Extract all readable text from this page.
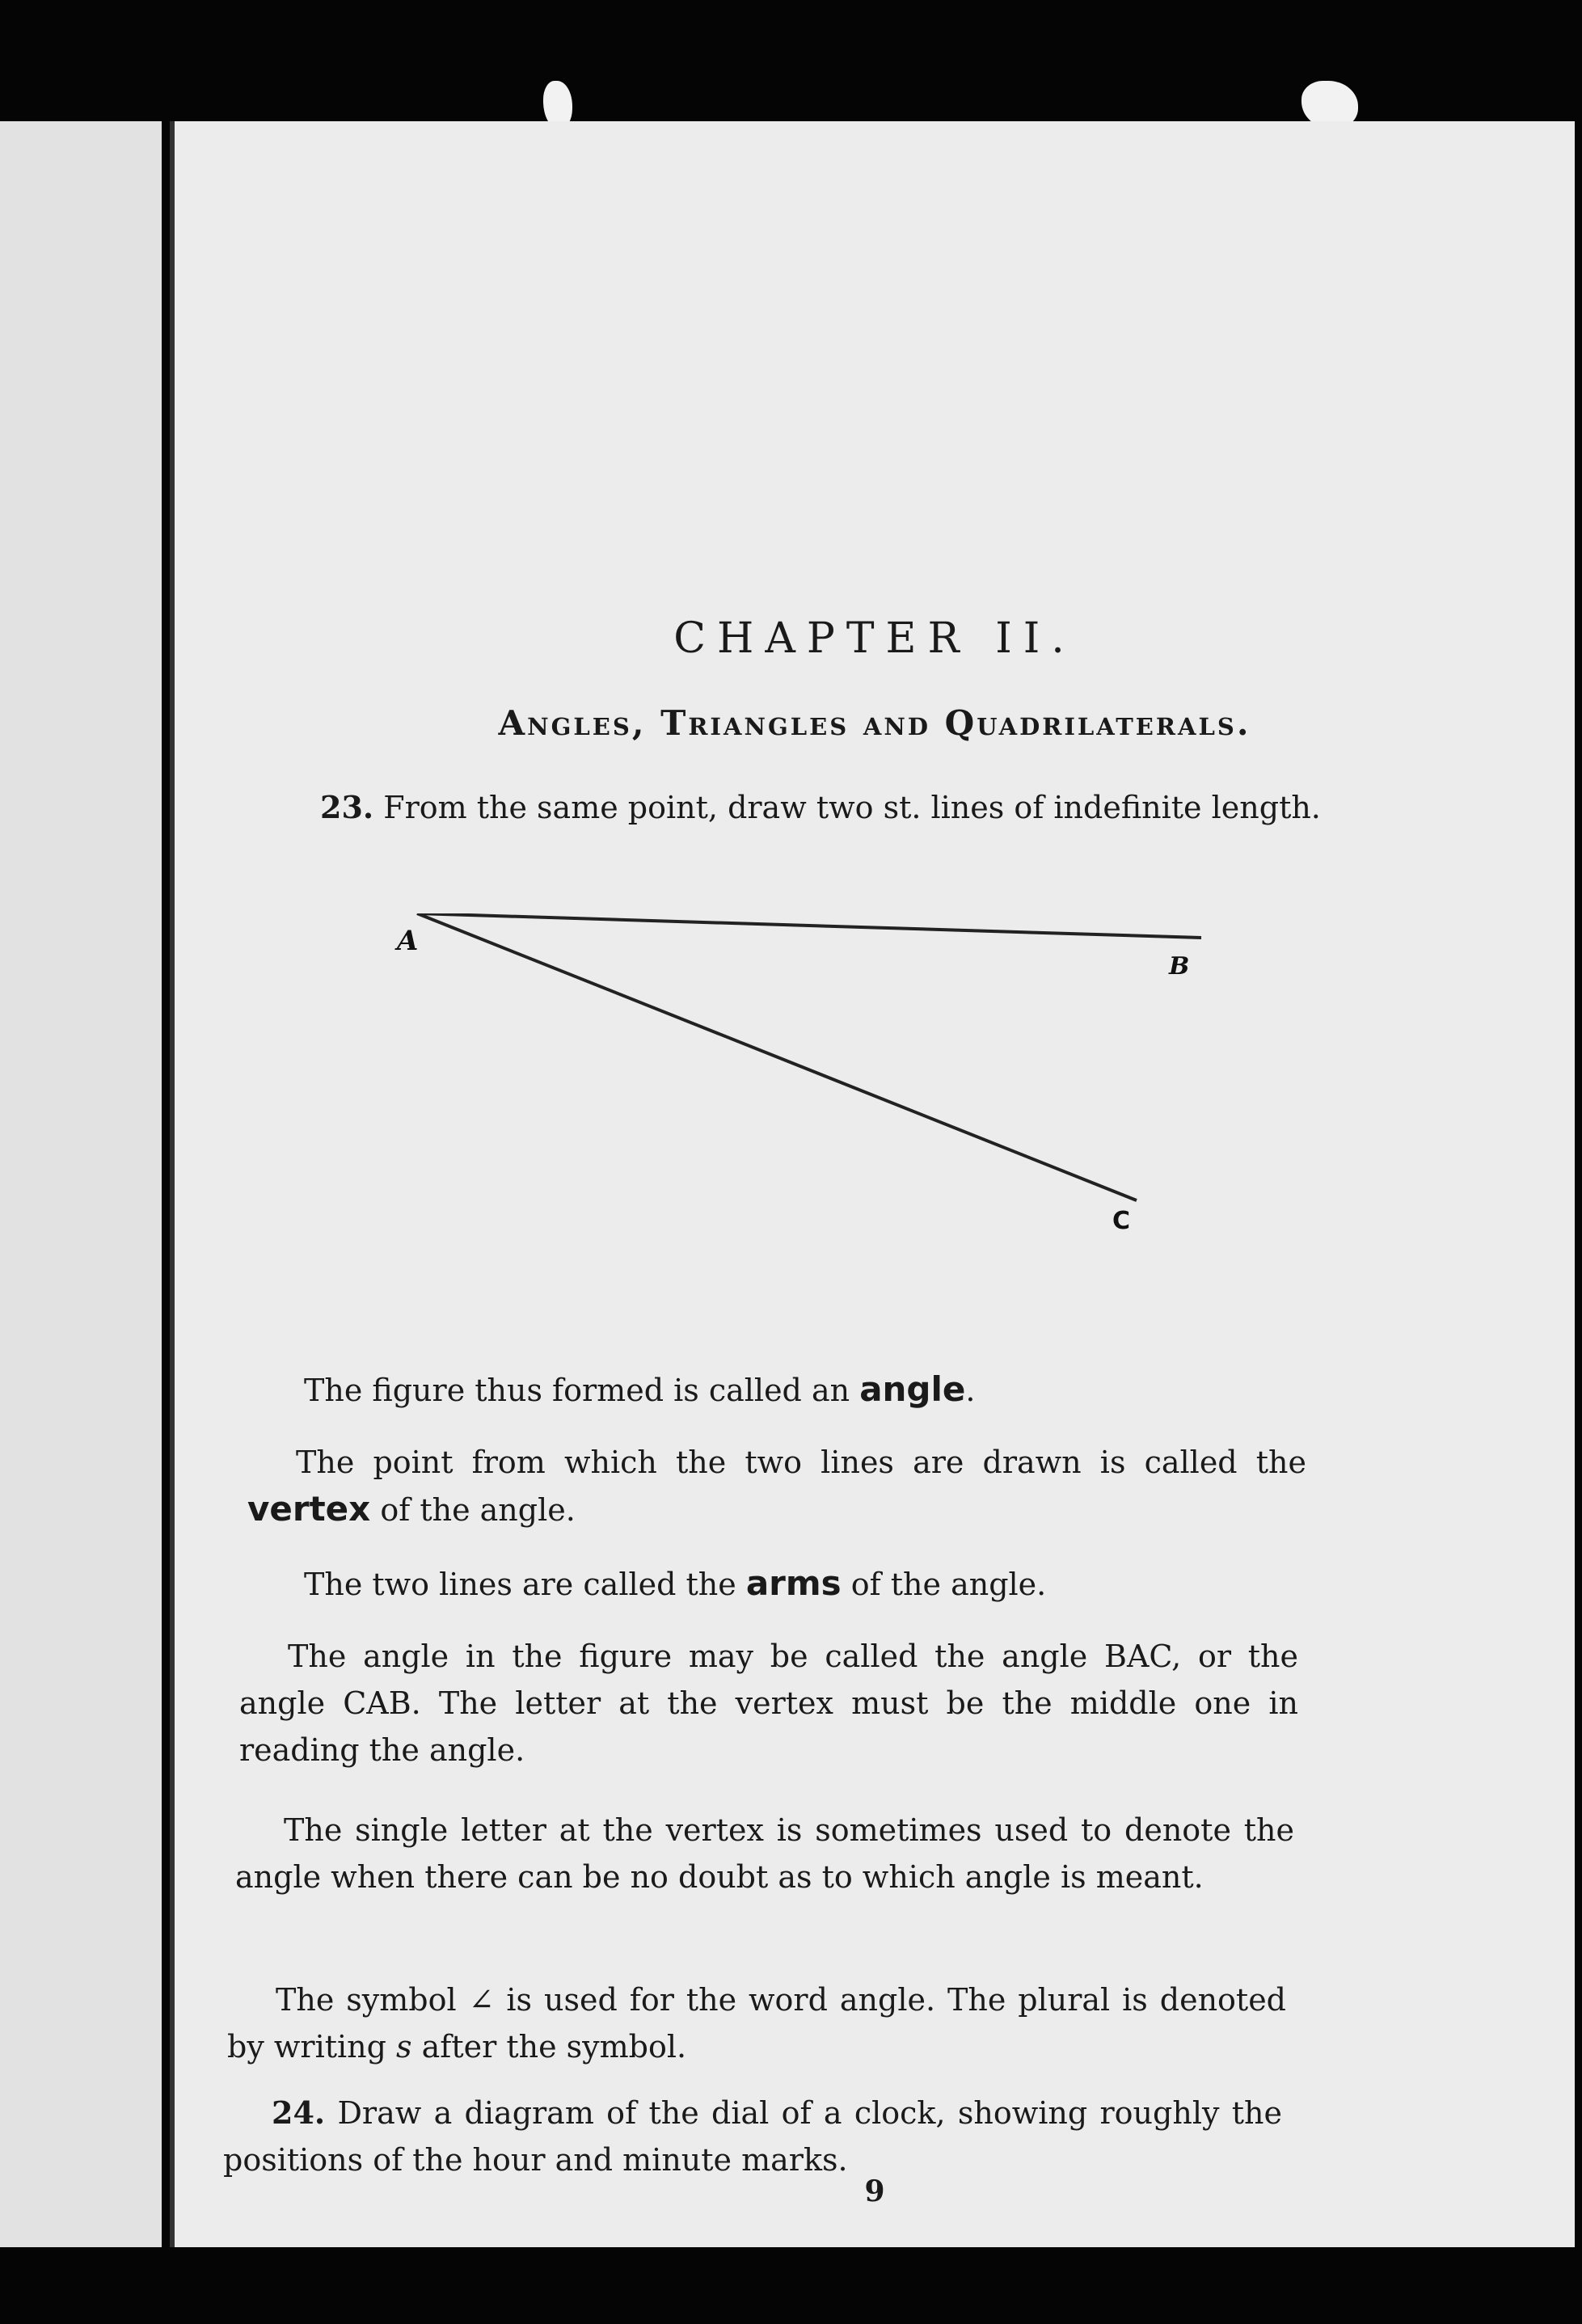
CHAPTER II.
Angles, Triangles and Quadrilaterals.
23. From the same point, draw two st. lines of indefinite length.
A
B
C
The figure thus formed is called an angle.
The point from which the two lines are drawn is called the vertex of the angle.
The two lines are called the arms of the angle.
The angle in the figure may be called the angle BAC, or the angle CAB. The letter at the vertex must be the middle one in reading the angle.
The single letter at the vertex is sometimes used to denote the angle when there can be no doubt as to which angle is meant.
The symbol ∠ is used for the word angle. The plural is denoted by writing s after the symbol.
24. Draw a diagram of the dial of a clock, showing roughly the positions of the hour and minute marks.
9
